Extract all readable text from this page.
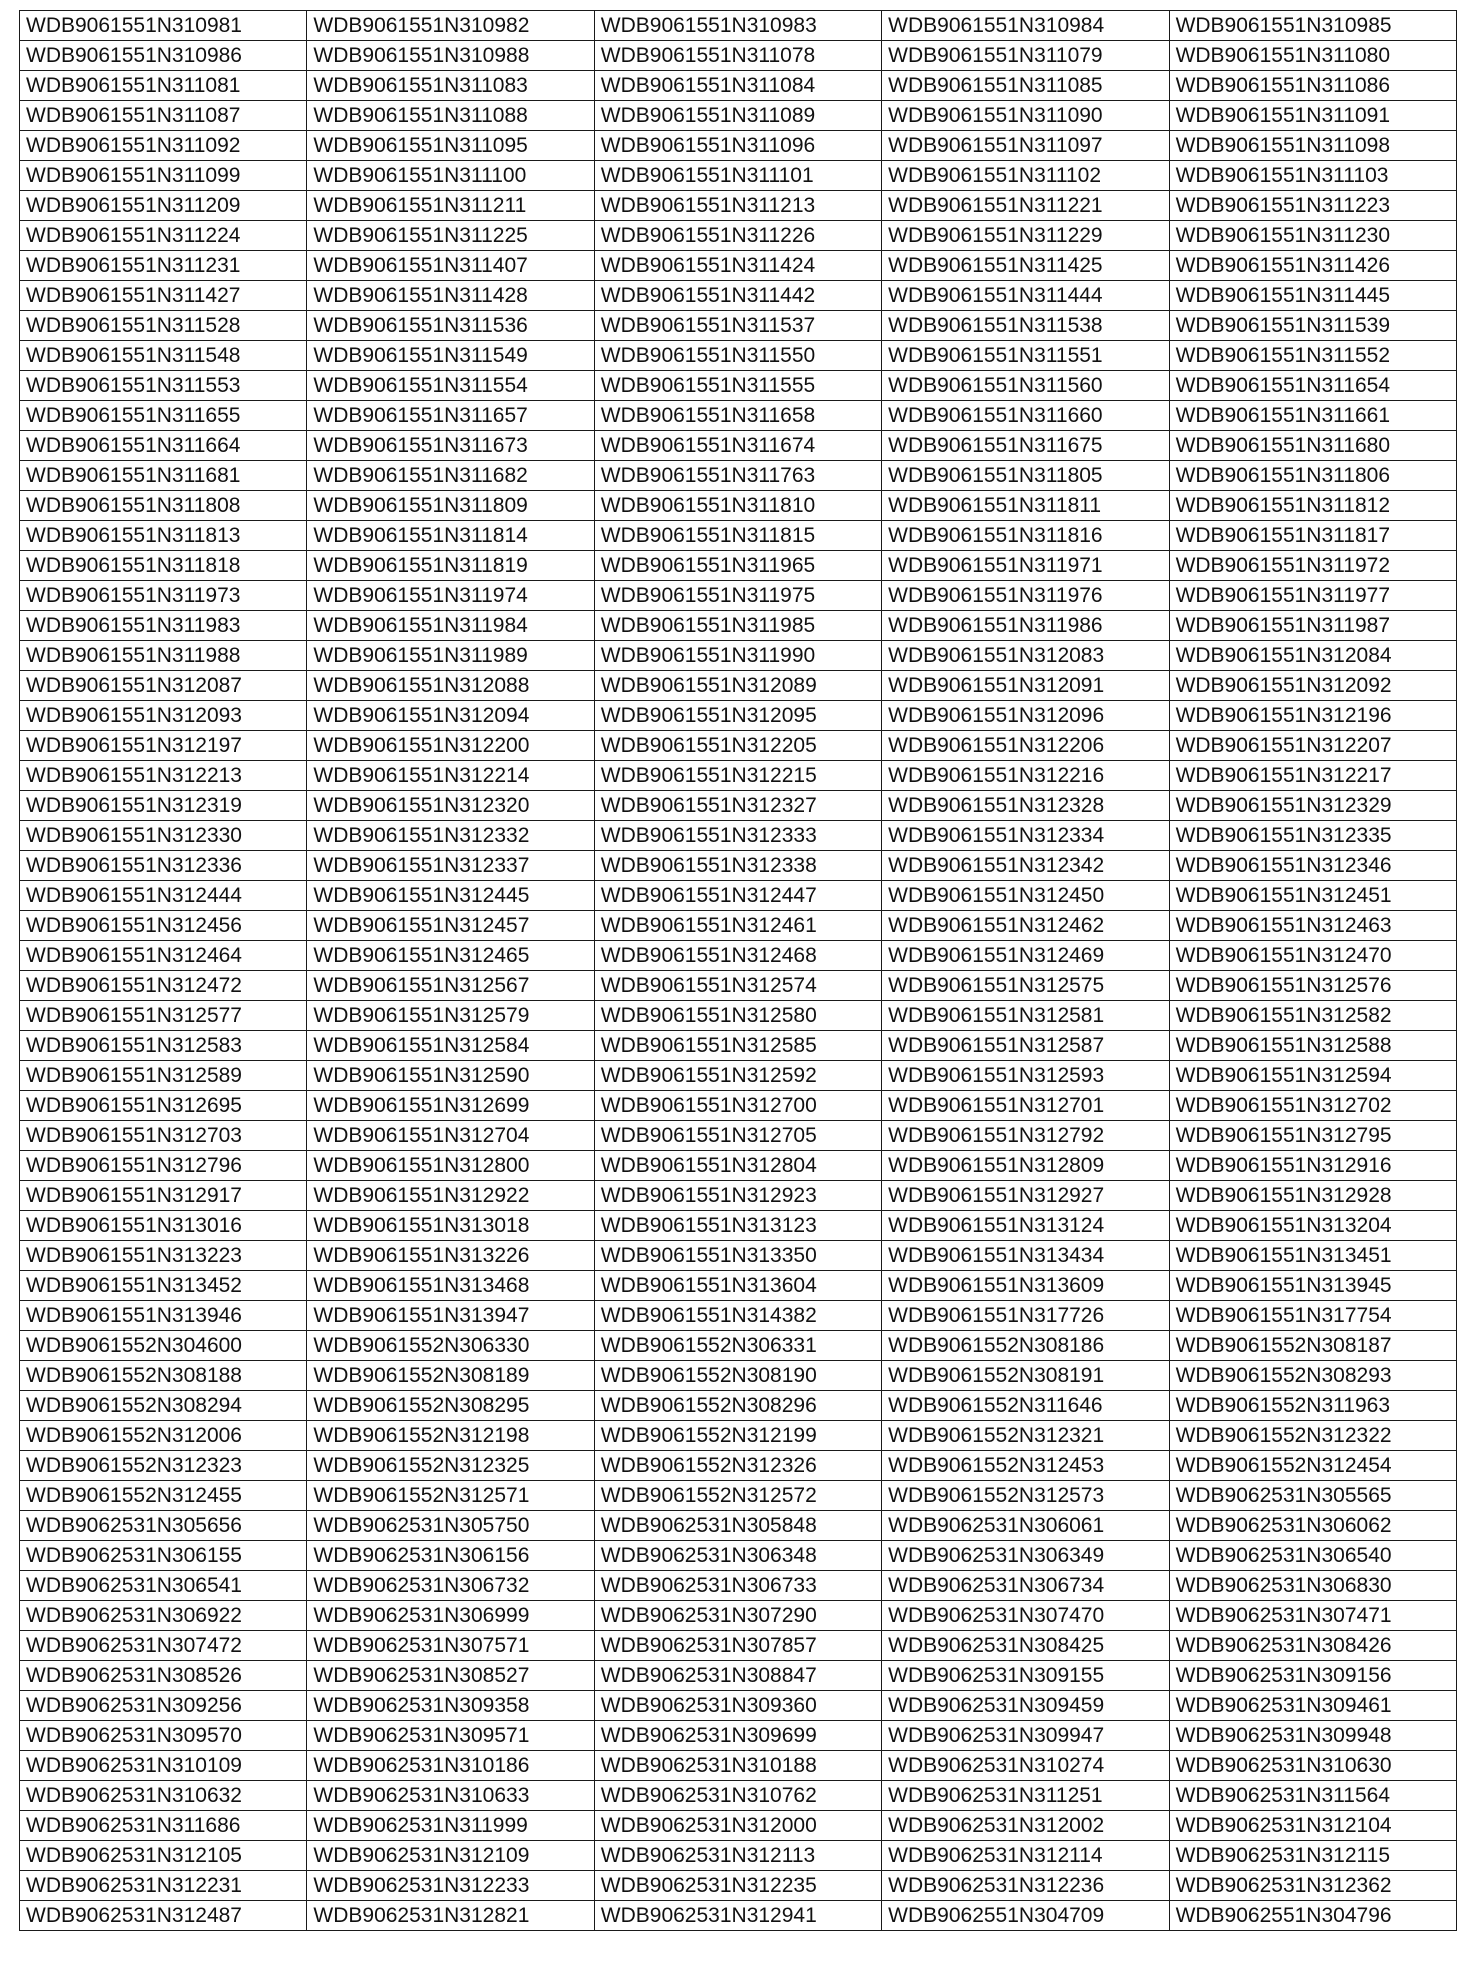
WDB9061551N310981	WDB9061551N310982	WDB9061551N310983	WDB9061551N310984	WDB9061551N310985
WDB9061551N310986	WDB9061551N310988	WDB9061551N311078	WDB9061551N311079	WDB9061551N311080
WDB9061551N311081	WDB9061551N311083	WDB9061551N311084	WDB9061551N311085	WDB9061551N311086
WDB9061551N311087	WDB9061551N311088	WDB9061551N311089	WDB9061551N311090	WDB9061551N311091
WDB9061551N311092	WDB9061551N311095	WDB9061551N311096	WDB9061551N311097	WDB9061551N311098
WDB9061551N311099	WDB9061551N311100	WDB9061551N311101	WDB9061551N311102	WDB9061551N311103
WDB9061551N311209	WDB9061551N311211	WDB9061551N311213	WDB9061551N311221	WDB9061551N311223
WDB9061551N311224	WDB9061551N311225	WDB9061551N311226	WDB9061551N311229	WDB9061551N311230
WDB9061551N311231	WDB9061551N311407	WDB9061551N311424	WDB9061551N311425	WDB9061551N311426
WDB9061551N311427	WDB9061551N311428	WDB9061551N311442	WDB9061551N311444	WDB9061551N311445
WDB9061551N311528	WDB9061551N311536	WDB9061551N311537	WDB9061551N311538	WDB9061551N311539
WDB9061551N311548	WDB9061551N311549	WDB9061551N311550	WDB9061551N311551	WDB9061551N311552
WDB9061551N311553	WDB9061551N311554	WDB9061551N311555	WDB9061551N311560	WDB9061551N311654
WDB9061551N311655	WDB9061551N311657	WDB9061551N311658	WDB9061551N311660	WDB9061551N311661
WDB9061551N311664	WDB9061551N311673	WDB9061551N311674	WDB9061551N311675	WDB9061551N311680
WDB9061551N311681	WDB9061551N311682	WDB9061551N311763	WDB9061551N311805	WDB9061551N311806
WDB9061551N311808	WDB9061551N311809	WDB9061551N311810	WDB9061551N311811	WDB9061551N311812
WDB9061551N311813	WDB9061551N311814	WDB9061551N311815	WDB9061551N311816	WDB9061551N311817
WDB9061551N311818	WDB9061551N311819	WDB9061551N311965	WDB9061551N311971	WDB9061551N311972
WDB9061551N311973	WDB9061551N311974	WDB9061551N311975	WDB9061551N311976	WDB9061551N311977
WDB9061551N311983	WDB9061551N311984	WDB9061551N311985	WDB9061551N311986	WDB9061551N311987
WDB9061551N311988	WDB9061551N311989	WDB9061551N311990	WDB9061551N312083	WDB9061551N312084
WDB9061551N312087	WDB9061551N312088	WDB9061551N312089	WDB9061551N312091	WDB9061551N312092
WDB9061551N312093	WDB9061551N312094	WDB9061551N312095	WDB9061551N312096	WDB9061551N312196
WDB9061551N312197	WDB9061551N312200	WDB9061551N312205	WDB9061551N312206	WDB9061551N312207
WDB9061551N312213	WDB9061551N312214	WDB9061551N312215	WDB9061551N312216	WDB9061551N312217
WDB9061551N312319	WDB9061551N312320	WDB9061551N312327	WDB9061551N312328	WDB9061551N312329
WDB9061551N312330	WDB9061551N312332	WDB9061551N312333	WDB9061551N312334	WDB9061551N312335
WDB9061551N312336	WDB9061551N312337	WDB9061551N312338	WDB9061551N312342	WDB9061551N312346
WDB9061551N312444	WDB9061551N312445	WDB9061551N312447	WDB9061551N312450	WDB9061551N312451
WDB9061551N312456	WDB9061551N312457	WDB9061551N312461	WDB9061551N312462	WDB9061551N312463
WDB9061551N312464	WDB9061551N312465	WDB9061551N312468	WDB9061551N312469	WDB9061551N312470
WDB9061551N312472	WDB9061551N312567	WDB9061551N312574	WDB9061551N312575	WDB9061551N312576
WDB9061551N312577	WDB9061551N312579	WDB9061551N312580	WDB9061551N312581	WDB9061551N312582
WDB9061551N312583	WDB9061551N312584	WDB9061551N312585	WDB9061551N312587	WDB9061551N312588
WDB9061551N312589	WDB9061551N312590	WDB9061551N312592	WDB9061551N312593	WDB9061551N312594
WDB9061551N312695	WDB9061551N312699	WDB9061551N312700	WDB9061551N312701	WDB9061551N312702
WDB9061551N312703	WDB9061551N312704	WDB9061551N312705	WDB9061551N312792	WDB9061551N312795
WDB9061551N312796	WDB9061551N312800	WDB9061551N312804	WDB9061551N312809	WDB9061551N312916
WDB9061551N312917	WDB9061551N312922	WDB9061551N312923	WDB9061551N312927	WDB9061551N312928
WDB9061551N313016	WDB9061551N313018	WDB9061551N313123	WDB9061551N313124	WDB9061551N313204
WDB9061551N313223	WDB9061551N313226	WDB9061551N313350	WDB9061551N313434	WDB9061551N313451
WDB9061551N313452	WDB9061551N313468	WDB9061551N313604	WDB9061551N313609	WDB9061551N313945
WDB9061551N313946	WDB9061551N313947	WDB9061551N314382	WDB9061551N317726	WDB9061551N317754
WDB9061552N304600	WDB9061552N306330	WDB9061552N306331	WDB9061552N308186	WDB9061552N308187
WDB9061552N308188	WDB9061552N308189	WDB9061552N308190	WDB9061552N308191	WDB9061552N308293
WDB9061552N308294	WDB9061552N308295	WDB9061552N308296	WDB9061552N311646	WDB9061552N311963
WDB9061552N312006	WDB9061552N312198	WDB9061552N312199	WDB9061552N312321	WDB9061552N312322
WDB9061552N312323	WDB9061552N312325	WDB9061552N312326	WDB9061552N312453	WDB9061552N312454
WDB9061552N312455	WDB9061552N312571	WDB9061552N312572	WDB9061552N312573	WDB9062531N305565
WDB9062531N305656	WDB9062531N305750	WDB9062531N305848	WDB9062531N306061	WDB9062531N306062
WDB9062531N306155	WDB9062531N306156	WDB9062531N306348	WDB9062531N306349	WDB9062531N306540
WDB9062531N306541	WDB9062531N306732	WDB9062531N306733	WDB9062531N306734	WDB9062531N306830
WDB9062531N306922	WDB9062531N306999	WDB9062531N307290	WDB9062531N307470	WDB9062531N307471
WDB9062531N307472	WDB9062531N307571	WDB9062531N307857	WDB9062531N308425	WDB9062531N308426
WDB9062531N308526	WDB9062531N308527	WDB9062531N308847	WDB9062531N309155	WDB9062531N309156
WDB9062531N309256	WDB9062531N309358	WDB9062531N309360	WDB9062531N309459	WDB9062531N309461
WDB9062531N309570	WDB9062531N309571	WDB9062531N309699	WDB9062531N309947	WDB9062531N309948
WDB9062531N310109	WDB9062531N310186	WDB9062531N310188	WDB9062531N310274	WDB9062531N310630
WDB9062531N310632	WDB9062531N310633	WDB9062531N310762	WDB9062531N311251	WDB9062531N311564
WDB9062531N311686	WDB9062531N311999	WDB9062531N312000	WDB9062531N312002	WDB9062531N312104
WDB9062531N312105	WDB9062531N312109	WDB9062531N312113	WDB9062531N312114	WDB9062531N312115
WDB9062531N312231	WDB9062531N312233	WDB9062531N312235	WDB9062531N312236	WDB9062531N312362
WDB9062531N312487	WDB9062531N312821	WDB9062531N312941	WDB9062551N304709	WDB9062551N304796
